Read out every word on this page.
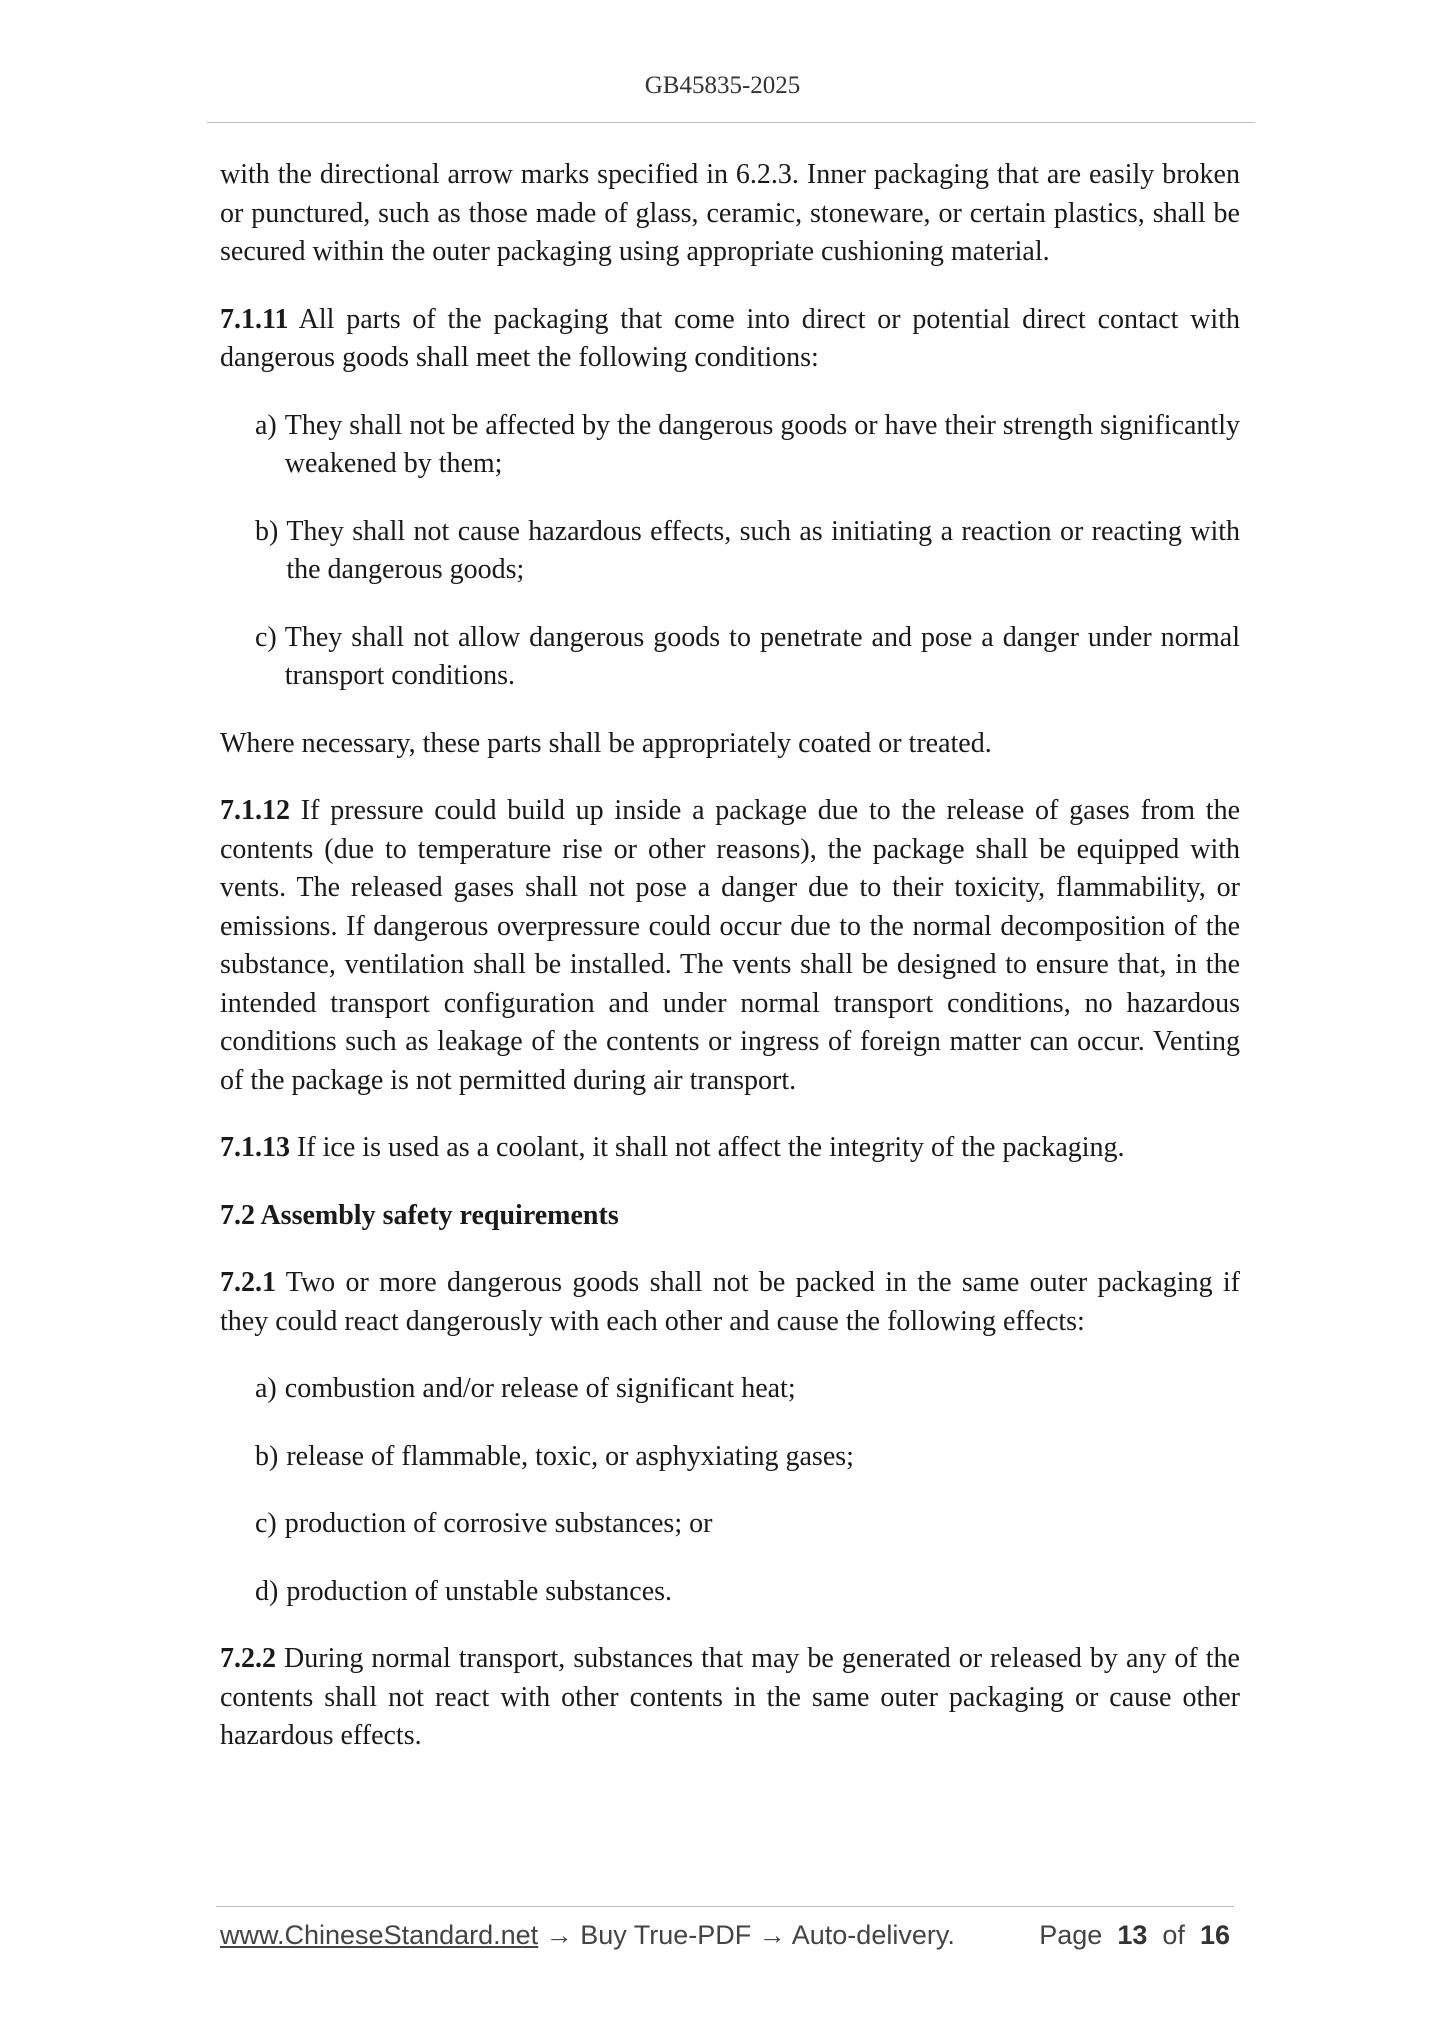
GB45835-2025

with the directional arrow marks specified in 6.2.3. Inner packaging that are easily broken or punctured, such as those made of glass, ceramic, stoneware, or certain plastics, shall be secured within the outer packaging using appropriate cushioning material.

7.1.11 All parts of the packaging that come into direct or potential direct contact with dangerous goods shall meet the following conditions:

a) They shall not be affected by the dangerous goods or have their strength significantly weakened by them;
b) They shall not cause hazardous effects, such as initiating a reaction or reacting with the dangerous goods;
c) They shall not allow dangerous goods to penetrate and pose a danger under normal transport conditions.

Where necessary, these parts shall be appropriately coated or treated.

7.1.12 If pressure could build up inside a package due to the release of gases from the contents (due to temperature rise or other reasons), the package shall be equipped with vents. The released gases shall not pose a danger due to their toxicity, flammability, or emissions. If dangerous overpressure could occur due to the normal decomposition of the substance, ventilation shall be installed. The vents shall be designed to ensure that, in the intended transport configuration and under normal transport conditions, no hazardous conditions such as leakage of the contents or ingress of foreign matter can occur. Venting of the package is not permitted during air transport.

7.1.13 If ice is used as a coolant, it shall not affect the integrity of the packaging.

7.2 Assembly safety requirements

7.2.1 Two or more dangerous goods shall not be packed in the same outer packaging if they could react dangerously with each other and cause the following effects:

a) combustion and/or release of significant heat;
b) release of flammable, toxic, or asphyxiating gases;
c) production of corrosive substances; or
d) production of unstable substances.

7.2.2 During normal transport, substances that may be generated or released by any of the contents shall not react with other contents in the same outer packaging or cause other hazardous effects.

www.ChineseStandard.net → Buy True-PDF → Auto-delivery.	Page 13 of 16
